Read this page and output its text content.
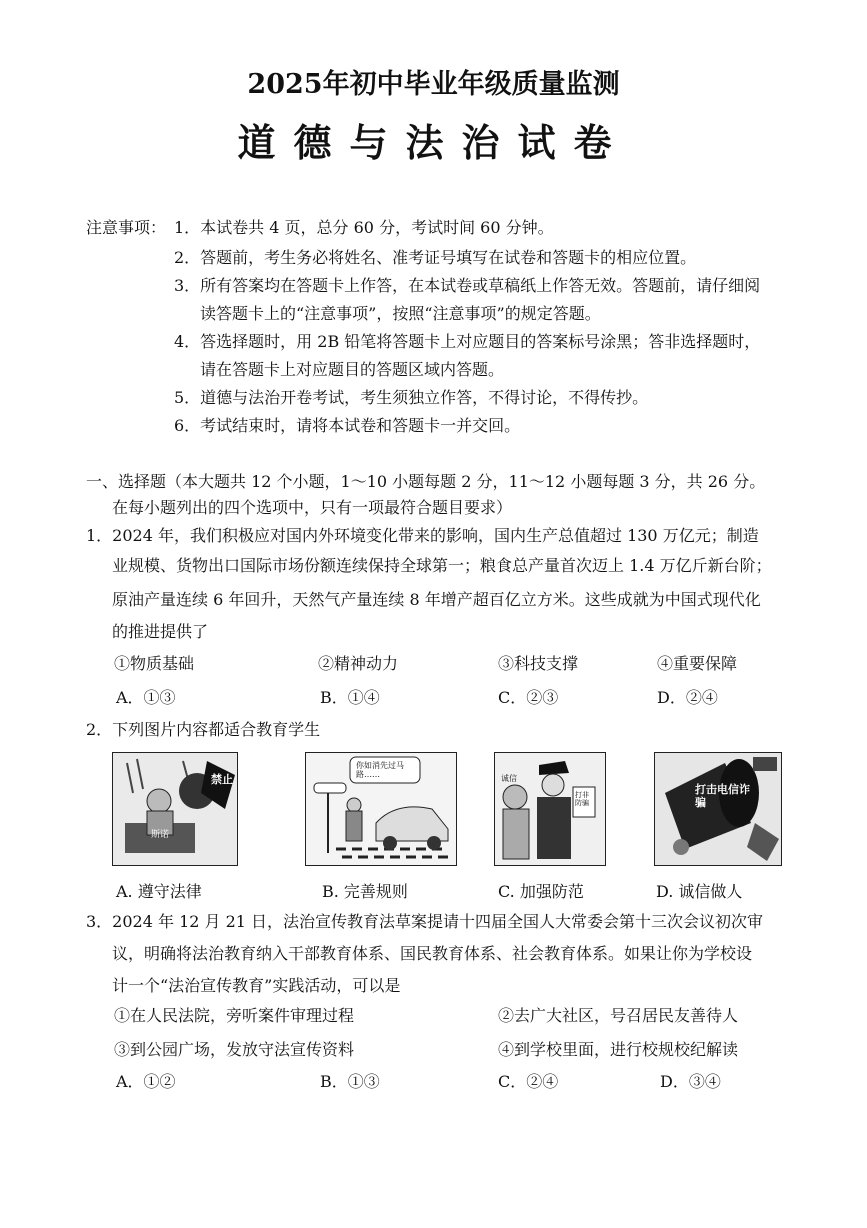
2025年初中毕业年级质量监测
道德与法治试卷
注意事项： 1．本试卷共 4 页，总分 60 分，考试时间 60 分钟。
2．答题前，考生务必将姓名、准考证号填写在试卷和答题卡的相应位置。
3．所有答案均在答题卡上作答，在本试卷或草稿纸上作答无效。答题前，请仔细阅
读答题卡上的“注意事项”，按照“注意事项”的规定答题。
4．答选择题时，用 2B 铅笔将答题卡上对应题目的答案标号涂黑；答非选择题时，
请在答题卡上对应题目的答题区域内答题。
5．道德与法治开卷考试，考生须独立作答，不得讨论，不得传抄。
6．考试结束时，请将本试卷和答题卡一并交回。
一、选择题（本大题共 12 个小题，1～10 小题每题 2 分，11～12 小题每题 3 分，共 26 分。
在每小题列出的四个选项中，只有一项最符合题目要求）
1．2024 年，我们积极应对国内外环境变化带来的影响，国内生产总值超过 130 万亿元；制造
业规模、货物出口国际市场份额连续保持全球第一；粮食总产量首次迈上 1.4 万亿斤新台阶；
原油产量连续 6 年回升，天然气产量连续 8 年增产超百亿立方米。这些成就为中国式现代化
的推进提供了
①物质基础	②精神动力	③科技支撑	④重要保障
A．①③	B．①④	C．②③	D．②④
2．下列图片内容都适合教育学生
禁止
斯诺
你如消先过马路……	诚信
打非防骗
打击电信诈骗
A. 遵守法律	B. 完善规则	C. 加强防范	D. 诚信做人
3．2024 年 12 月 21 日，法治宣传教育法草案提请十四届全国人大常委会第十三次会议初次审
议，明确将法治教育纳入干部教育体系、国民教育体系、社会教育体系。如果让你为学校设
计一个“法治宣传教育”实践活动，可以是
①在人民法院，旁听案件审理过程	②去广大社区，号召居民友善待人
③到公园广场，发放守法宣传资料	④到学校里面，进行校规校纪解读
A．①②	B．①③	C．②④	D．③④
